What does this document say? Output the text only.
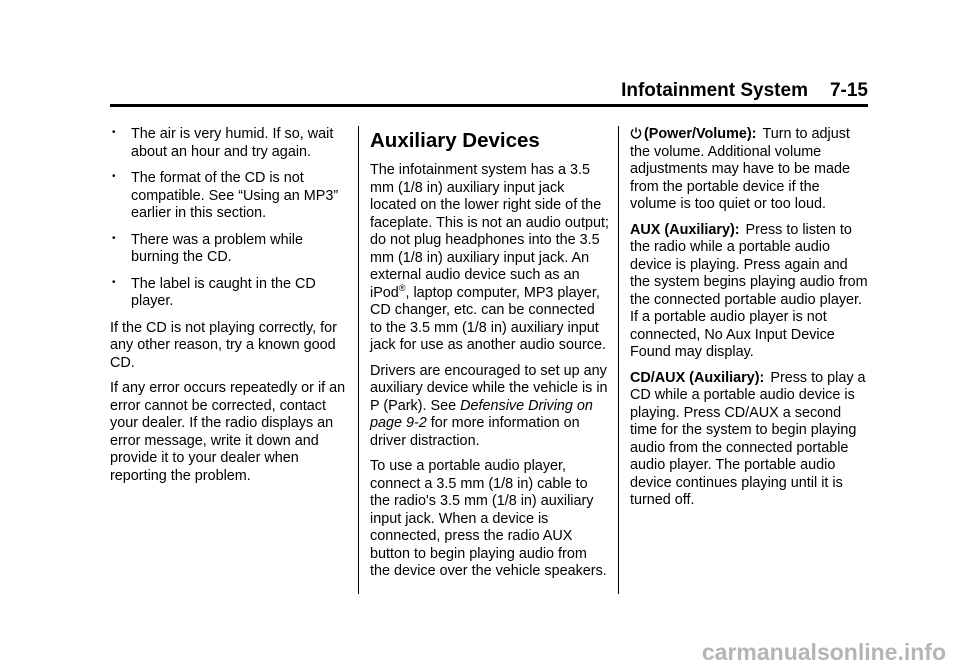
Infotainment System 7-15
• The air is very humid. If so, wait about an hour and try again.
• The format of the CD is not compatible. See “Using an MP3” earlier in this section.
• There was a problem while burning the CD.
• The label is caught in the CD player.

If the CD is not playing correctly, for any other reason, try a known good CD.

If any error occurs repeatedly or if an error cannot be corrected, contact your dealer. If the radio displays an error message, write it down and provide it to your dealer when reporting the problem.

Auxiliary Devices

The infotainment system has a 3.5 mm (1/8 in) auxiliary input jack located on the lower right side of the faceplate. This is not an audio output; do not plug headphones into the 3.5 mm (1/8 in) auxiliary input jack. An external audio device such as an iPod®, laptop computer, MP3 player, CD changer, etc. can be connected to the 3.5 mm (1/8 in) auxiliary input jack for use as another audio source.

Drivers are encouraged to set up any auxiliary device while the vehicle is in P (Park). See Defensive Driving on page 9-2 for more information on driver distraction.

To use a portable audio player, connect a 3.5 mm (1/8 in) cable to the radio's 3.5 mm (1/8 in) auxiliary input jack. When a device is connected, press the radio AUX button to begin playing audio from the device over the vehicle speakers.

(Power/Volume): Turn to adjust the volume. Additional volume adjustments may have to be made from the portable device if the volume is too quiet or too loud.

AUX (Auxiliary): Press to listen to the radio while a portable audio device is playing. Press again and the system begins playing audio from the connected portable audio player. If a portable audio player is not connected, No Aux Input Device Found may display.

CD/AUX (Auxiliary): Press to play a CD while a portable audio device is playing. Press CD/AUX a second time for the system to begin playing audio from the connected portable audio player. The portable audio device continues playing until it is turned off.

carmanualsonline.info
